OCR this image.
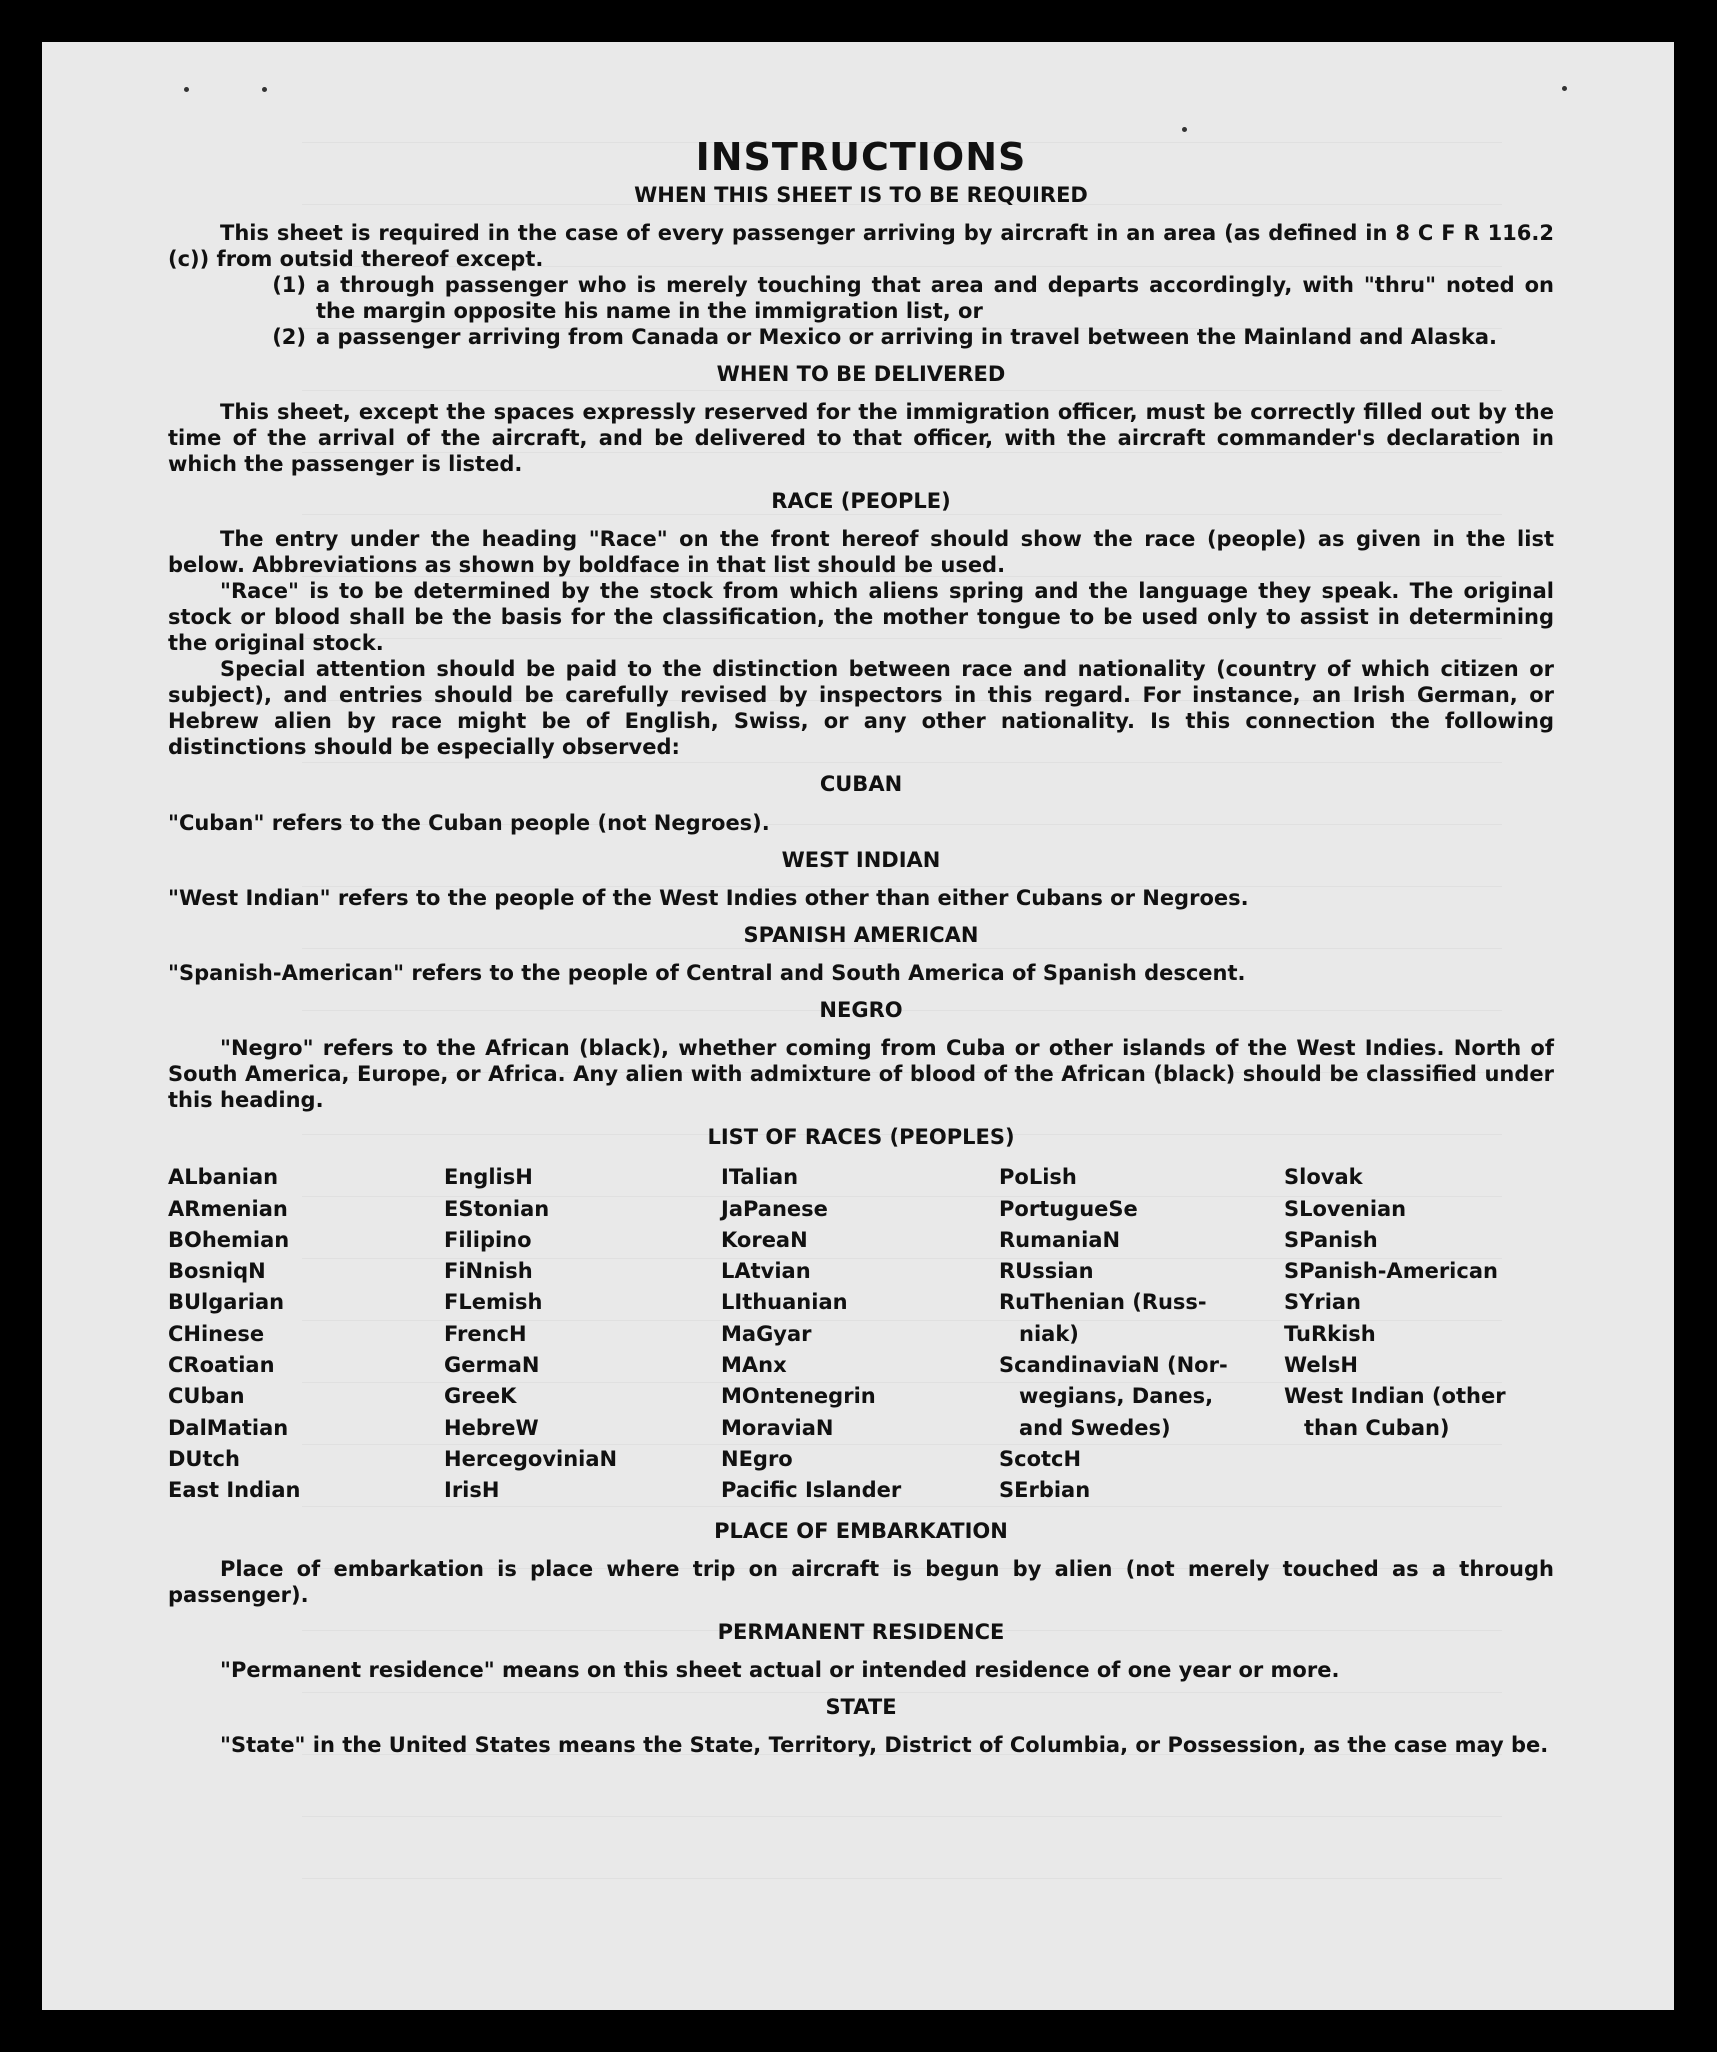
INSTRUCTIONS
WHEN THIS SHEET IS TO BE REQUIRED

This sheet is required in the case of every passenger arriving by aircraft in an area (as defined in 8 C F R 116.2 (c)) from outsid thereof except.

(1) a through passenger who is merely touching that area and departs accordingly, with "thru" noted on the margin opposite his name in the immigration list, or
(2) a passenger arriving from Canada or Mexico or arriving in travel between the Mainland and Alaska.
WHEN TO BE DELIVERED

This sheet, except the spaces expressly reserved for the immigration officer, must be correctly filled out by the time of the arrival of the aircraft, and be delivered to that officer, with the aircraft commander's declaration in which the passenger is listed.

RACE (PEOPLE)

The entry under the heading "Race" on the front hereof should show the race (people) as given in the list below. Abbreviations as shown by boldface in that list should be used.

"Race" is to be determined by the stock from which aliens spring and the language they speak. The original stock or blood shall be the basis for the classification, the mother tongue to be used only to assist in determining the original stock.

Special attention should be paid to the distinction between race and nationality (country of which citizen or subject), and entries should be carefully revised by inspectors in this regard. For instance, an Irish German, or Hebrew alien by race might be of English, Swiss, or any other nationality. Is this connection the following distinctions should be especially observed:

CUBAN

"Cuban" refers to the Cuban people (not Negroes).

WEST INDIAN

"West Indian" refers to the people of the West Indies other than either Cubans or Negroes.

SPANISH AMERICAN

"Spanish-American" refers to the people of Central and South America of Spanish descent.

NEGRO

"Negro" refers to the African (black), whether coming from Cuba or other islands of the West Indies. North of South America, Europe, or Africa. Any alien with admixture of blood of the African (black) should be classified under this heading.

LIST OF RACES (PEOPLES)
ALbanian
ARmenian
BOhemian
BosniqN
BUlgarian
CHinese
CRoatian
CUban
DalMatian
DUtch
East Indian
EnglisH
EStonian
Filipino
FiNnish
FLemish
FrencH
GermaN
GreeK
HebreW
HercegoviniaN
IrisH
ITalian
JaPanese
KoreaN
LAtvian
LIthuanian
MaGyar
MAnx
MOntenegrin
MoraviaN
NEgro
Pacific Islander
PoLish
PortugueSe
RumaniaN
RUssian
RuThenian (Russ-
niak)
ScandinaviaN (Nor-
wegians, Danes,
and Swedes)
ScotcH
SErbian
Slovak
SLovenian
SPanish
SPanish-American
SYrian
TuRkish
WelsH
West Indian (other
than Cuban)
PLACE OF EMBARKATION

Place of embarkation is place where trip on aircraft is begun by alien (not merely touched as a through passenger).

PERMANENT RESIDENCE

"Permanent residence" means on this sheet actual or intended residence of one year or more.

STATE

"State" in the United States means the State, Territory, District of Columbia, or Possession, as the case may be.
